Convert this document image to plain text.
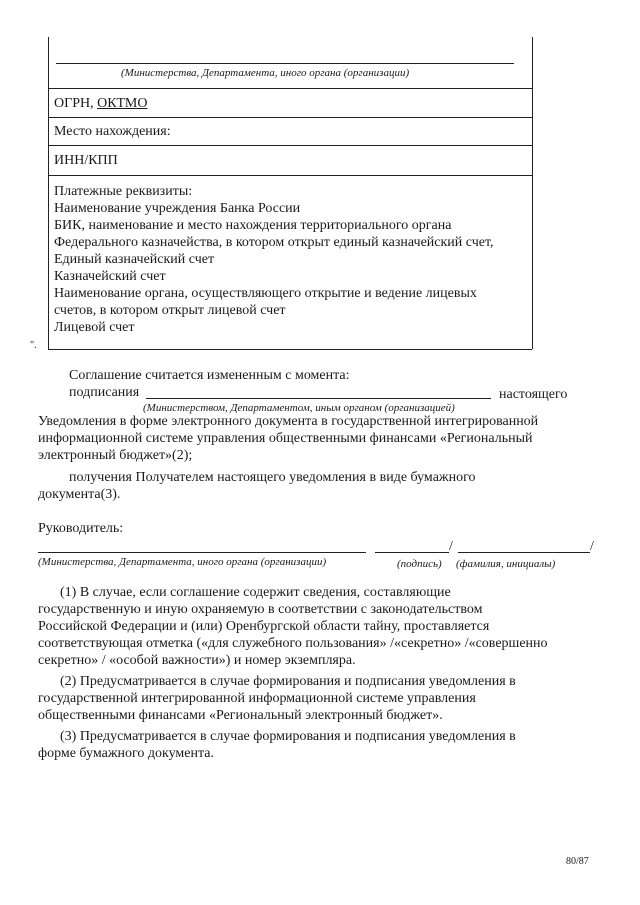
(Министерства, Департамента, иного органа (организации)
ОГРН, ОКТМО
Место нахождения:
ИНН/КПП
Платежные реквизиты:
Наименование учреждения Банка России
БИК, наименование и место нахождения территориального органа
Федерального казначейства, в котором открыт единый казначейский счет,
Единый казначейский счет
Казначейский счет
Наименование органа, осуществляющего открытие и ведение лицевых
счетов, в котором открыт лицевой счет
Лицевой счет
".
Соглашение считается измененным с момента:
подписания	настоящего
(Министерством, Департаментом, иным органом (организацией)
Уведомления в форме электронного документа в государственной интегрированной
информационной системе управления общественными финансами «Региональный
электронный бюджет»(2);
получения Получателем настоящего уведомления в виде бумажного
документа(3).
Руководитель:
/	/
(Министерства, Департамента, иного органа (организации)	(подпись) (фамилия, инициалы)
(1) В случае, если соглашение содержит сведения, составляющие
государственную и иную охраняемую в соответствии с законодательством
Российской Федерации и (или) Оренбургской области тайну, проставляется
соответствующая отметка («для служебного пользования» /«секретно» /«совершенно
секретно» / «особой важности») и номер экземпляра.
(2) Предусматривается в случае формирования и подписания уведомления в
государственной интегрированной информационной системе управления
общественными финансами «Региональный электронный бюджет».
(3) Предусматривается в случае формирования и подписания уведомления в
форме бумажного документа.
80/87
